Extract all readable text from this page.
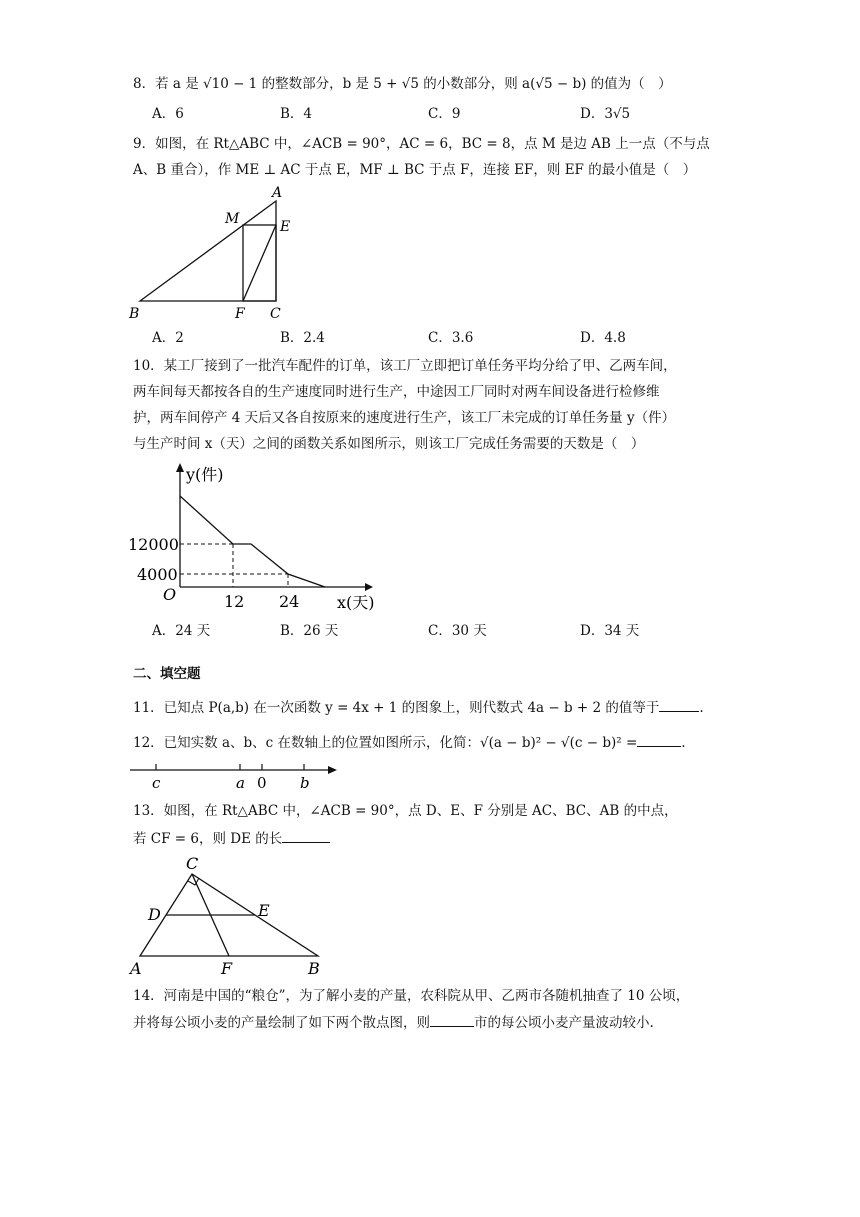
8．若 a 是 √10 − 1 的整数部分，b 是 5 + √5 的小数部分，则 a(√5 − b) 的值为（　）
A．6	B．4	C．9	D．3√5
9．如图，在 Rt△ABC 中，∠ACB = 90°，AC = 6，BC = 8，点 M 是边 AB 上一点（不与点
A、B 重合），作 ME ⊥ AC 于点 E，MF ⊥ BC 于点 F，连接 EF，则 EF 的最小值是（　）
A
M	E
B	F C
A．2	B．2.4	C．3.6	D．4.8
10．某工厂接到了一批汽车配件的订单，该工厂立即把订单任务平均分给了甲、乙两车间，
两车间每天都按各自的生产速度同时进行生产，中途因工厂同时对两车间设备进行检修维
护，两车间停产 4 天后又各自按原来的速度进行生产，该工厂未完成的订单任务量 y（件）
与生产时间 x（天）之间的函数关系如图所示，则该工厂完成任务需要的天数是（　）
y(件)
x(天)
O
12000
4000
12 24
A．24 天	B．26 天	C．30 天	D．34 天
二、填空题
11．已知点 P(a,b) 在一次函数 y = 4x + 1 的图象上，则代数式 4a − b + 2 的值等于	.
12．已知实数 a、b、c 在数轴上的位置如图所示，化简：√(a − b)² − √(c − b)² =	.
c	a 0 b
13．如图，在 Rt△ABC 中，∠ACB = 90°，点 D、E、F 分别是 AC、BC、AB 的中点，
若 CF = 6，则 DE 的长
C
D	E
A	F	B
14．河南是中国的“粮仓”，为了解小麦的产量，农科院从甲、乙两市各随机抽查了 10 公顷，
并将每公顷小麦的产量绘制了如下两个散点图，则	市的每公顷小麦产量波动较小.
